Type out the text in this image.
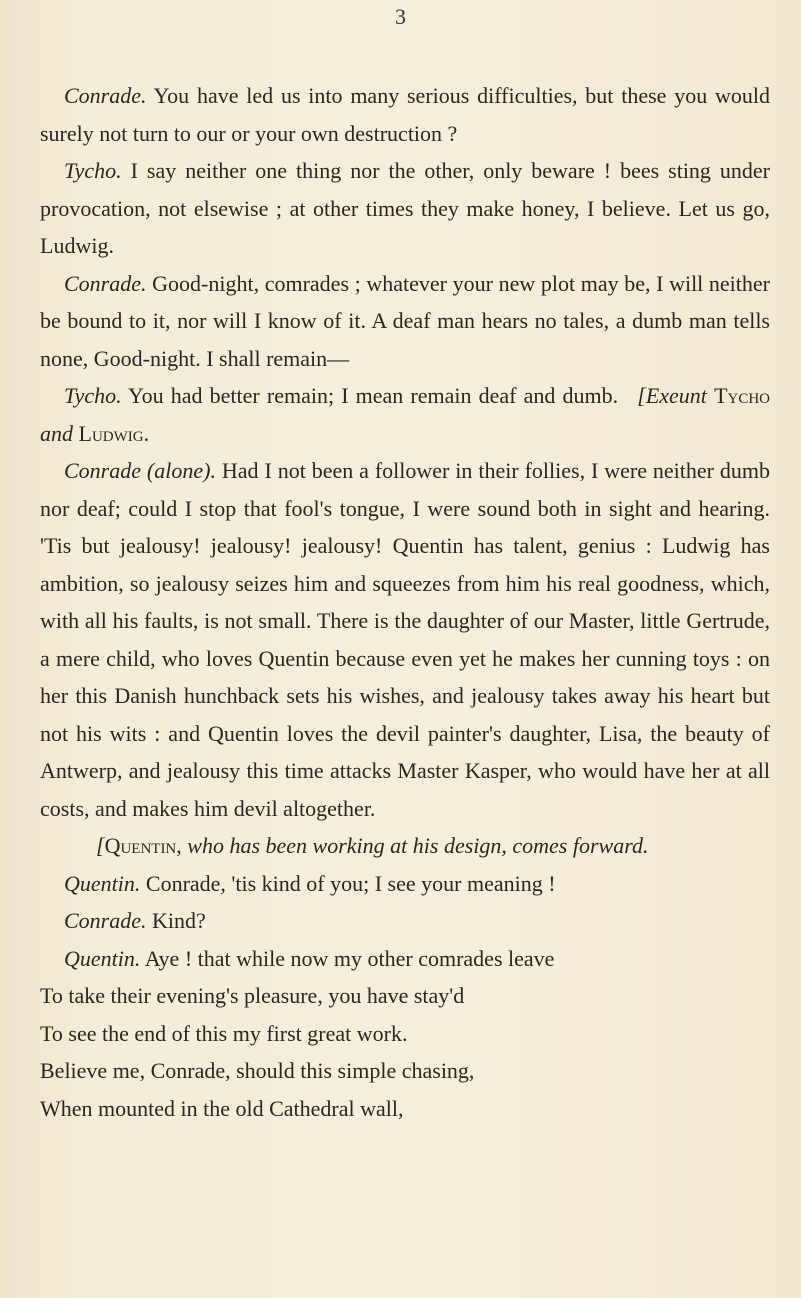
3

Conrade. You have led us into many serious difficulties, but these you would surely not turn to our or your own destruction ?

Tycho. I say neither one thing nor the other, only beware ! bees sting under provocation, not elsewise ; at other times they make honey, I believe. Let us go, Ludwig.

Conrade. Good-night, comrades ; whatever your new plot may be, I will neither be bound to it, nor will I know of it. A deaf man hears no tales, a dumb man tells none, Good-night. I shall remain—

Tycho. You had better remain; I mean remain deaf and dumb. [Exeunt Tycho and Ludwig.

Conrade (alone). Had I not been a follower in their follies, I were neither dumb nor deaf; could I stop that fool's tongue, I were sound both in sight and hearing. 'Tis but jealousy! jealousy! jealousy! Quentin has talent, genius : Ludwig has ambition, so jealousy seizes him and squeezes from him his real goodness, which, with all his faults, is not small. There is the daughter of our Master, little Gertrude, a mere child, who loves Quentin because even yet he makes her cunning toys : on her this Danish hunchback sets his wishes, and jealousy takes away his heart but not his wits : and Quentin loves the devil painter's daughter, Lisa, the beauty of Antwerp, and jealousy this time attacks Master Kasper, who would have her at all costs, and makes him devil altogether.

[Quentin, who has been working at his design, comes forward.

Quentin. Conrade, 'tis kind of you; I see your meaning !

Conrade. Kind?

Quentin. Aye ! that while now my other comrades leave

To take their evening's pleasure, you have stay'd

To see the end of this my first great work.

Believe me, Conrade, should this simple chasing,

When mounted in the old Cathedral wall,
